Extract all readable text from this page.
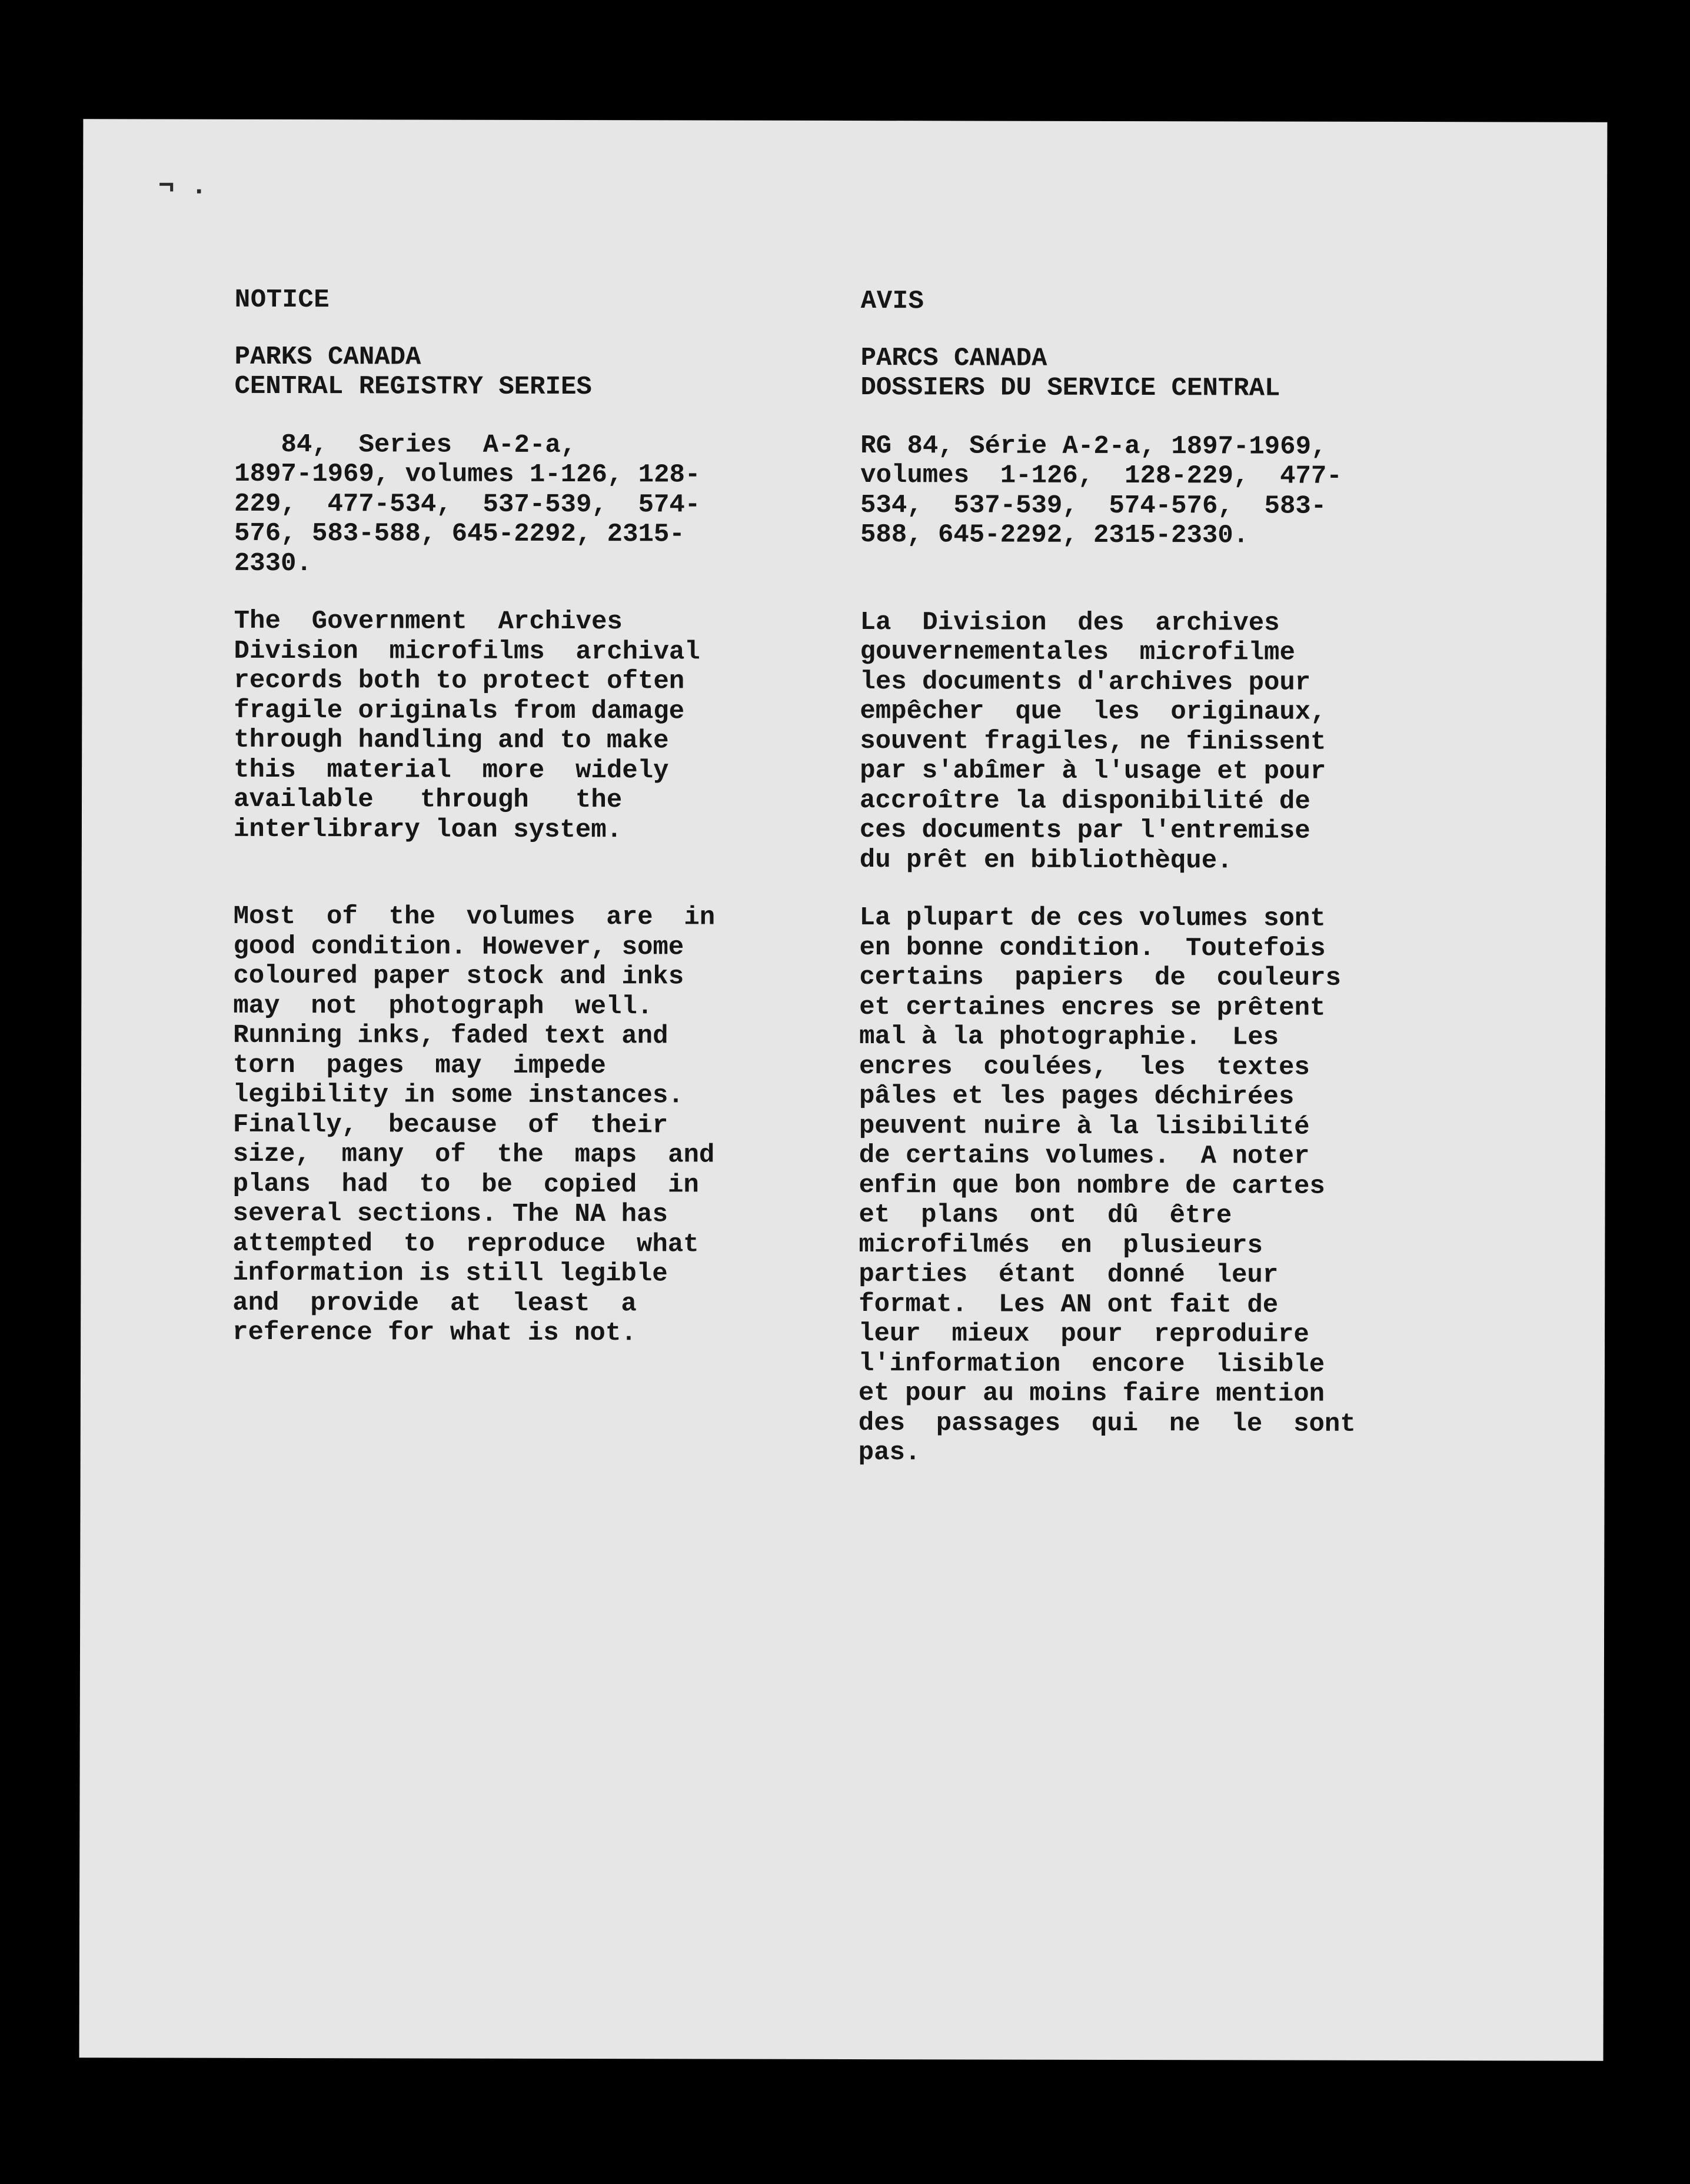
¬ .

NOTICE

PARKS CANADA

CENTRAL REGISTRY SERIES

84,  Series  A-2-a,

1897-1969, volumes 1-126, 128-

229,  477-534,  537-539,  574-

576, 583-588, 645-2292, 2315-

2330.

The  Government  Archives

Division  microfilms  archival

records both to protect often

fragile originals from damage

through handling and to make

this  material  more  widely

available   through   the

interlibrary loan system.

Most  of  the  volumes  are  in

good condition. However, some

coloured paper stock and inks

may  not  photograph  well.

Running inks, faded text and

torn  pages  may  impede

legibility in some instances.

Finally,  because  of  their

size,  many  of  the  maps  and

plans  had  to  be  copied  in

several sections. The NA has

attempted  to  reproduce  what

information is still legible

and  provide  at  least  a

reference for what is not.

AVIS

PARCS CANADA

DOSSIERS DU SERVICE CENTRAL

RG 84, Série A-2-a, 1897-1969,

volumes  1-126,  128-229,  477-

534,  537-539,  574-576,  583-

588, 645-2292, 2315-2330.

La  Division  des  archives

gouvernementales  microfilme

les documents d'archives pour

empêcher  que  les  originaux,

souvent fragiles, ne finissent

par s'abîmer à l'usage et pour

accroître la disponibilité de

ces documents par l'entremise

du prêt en bibliothèque.

La plupart de ces volumes sont

en bonne condition.  Toutefois

certains  papiers  de  couleurs

et certaines encres se prêtent

mal à la photographie.  Les

encres  coulées,  les  textes

pâles et les pages déchirées

peuvent nuire à la lisibilité

de certains volumes.  A noter

enfin que bon nombre de cartes

et  plans  ont  dû  être

microfilmés  en  plusieurs

parties  étant  donné  leur

format.  Les AN ont fait de

leur  mieux  pour  reproduire

l'information  encore  lisible

et pour au moins faire mention

des  passages  qui  ne  le  sont

pas.
